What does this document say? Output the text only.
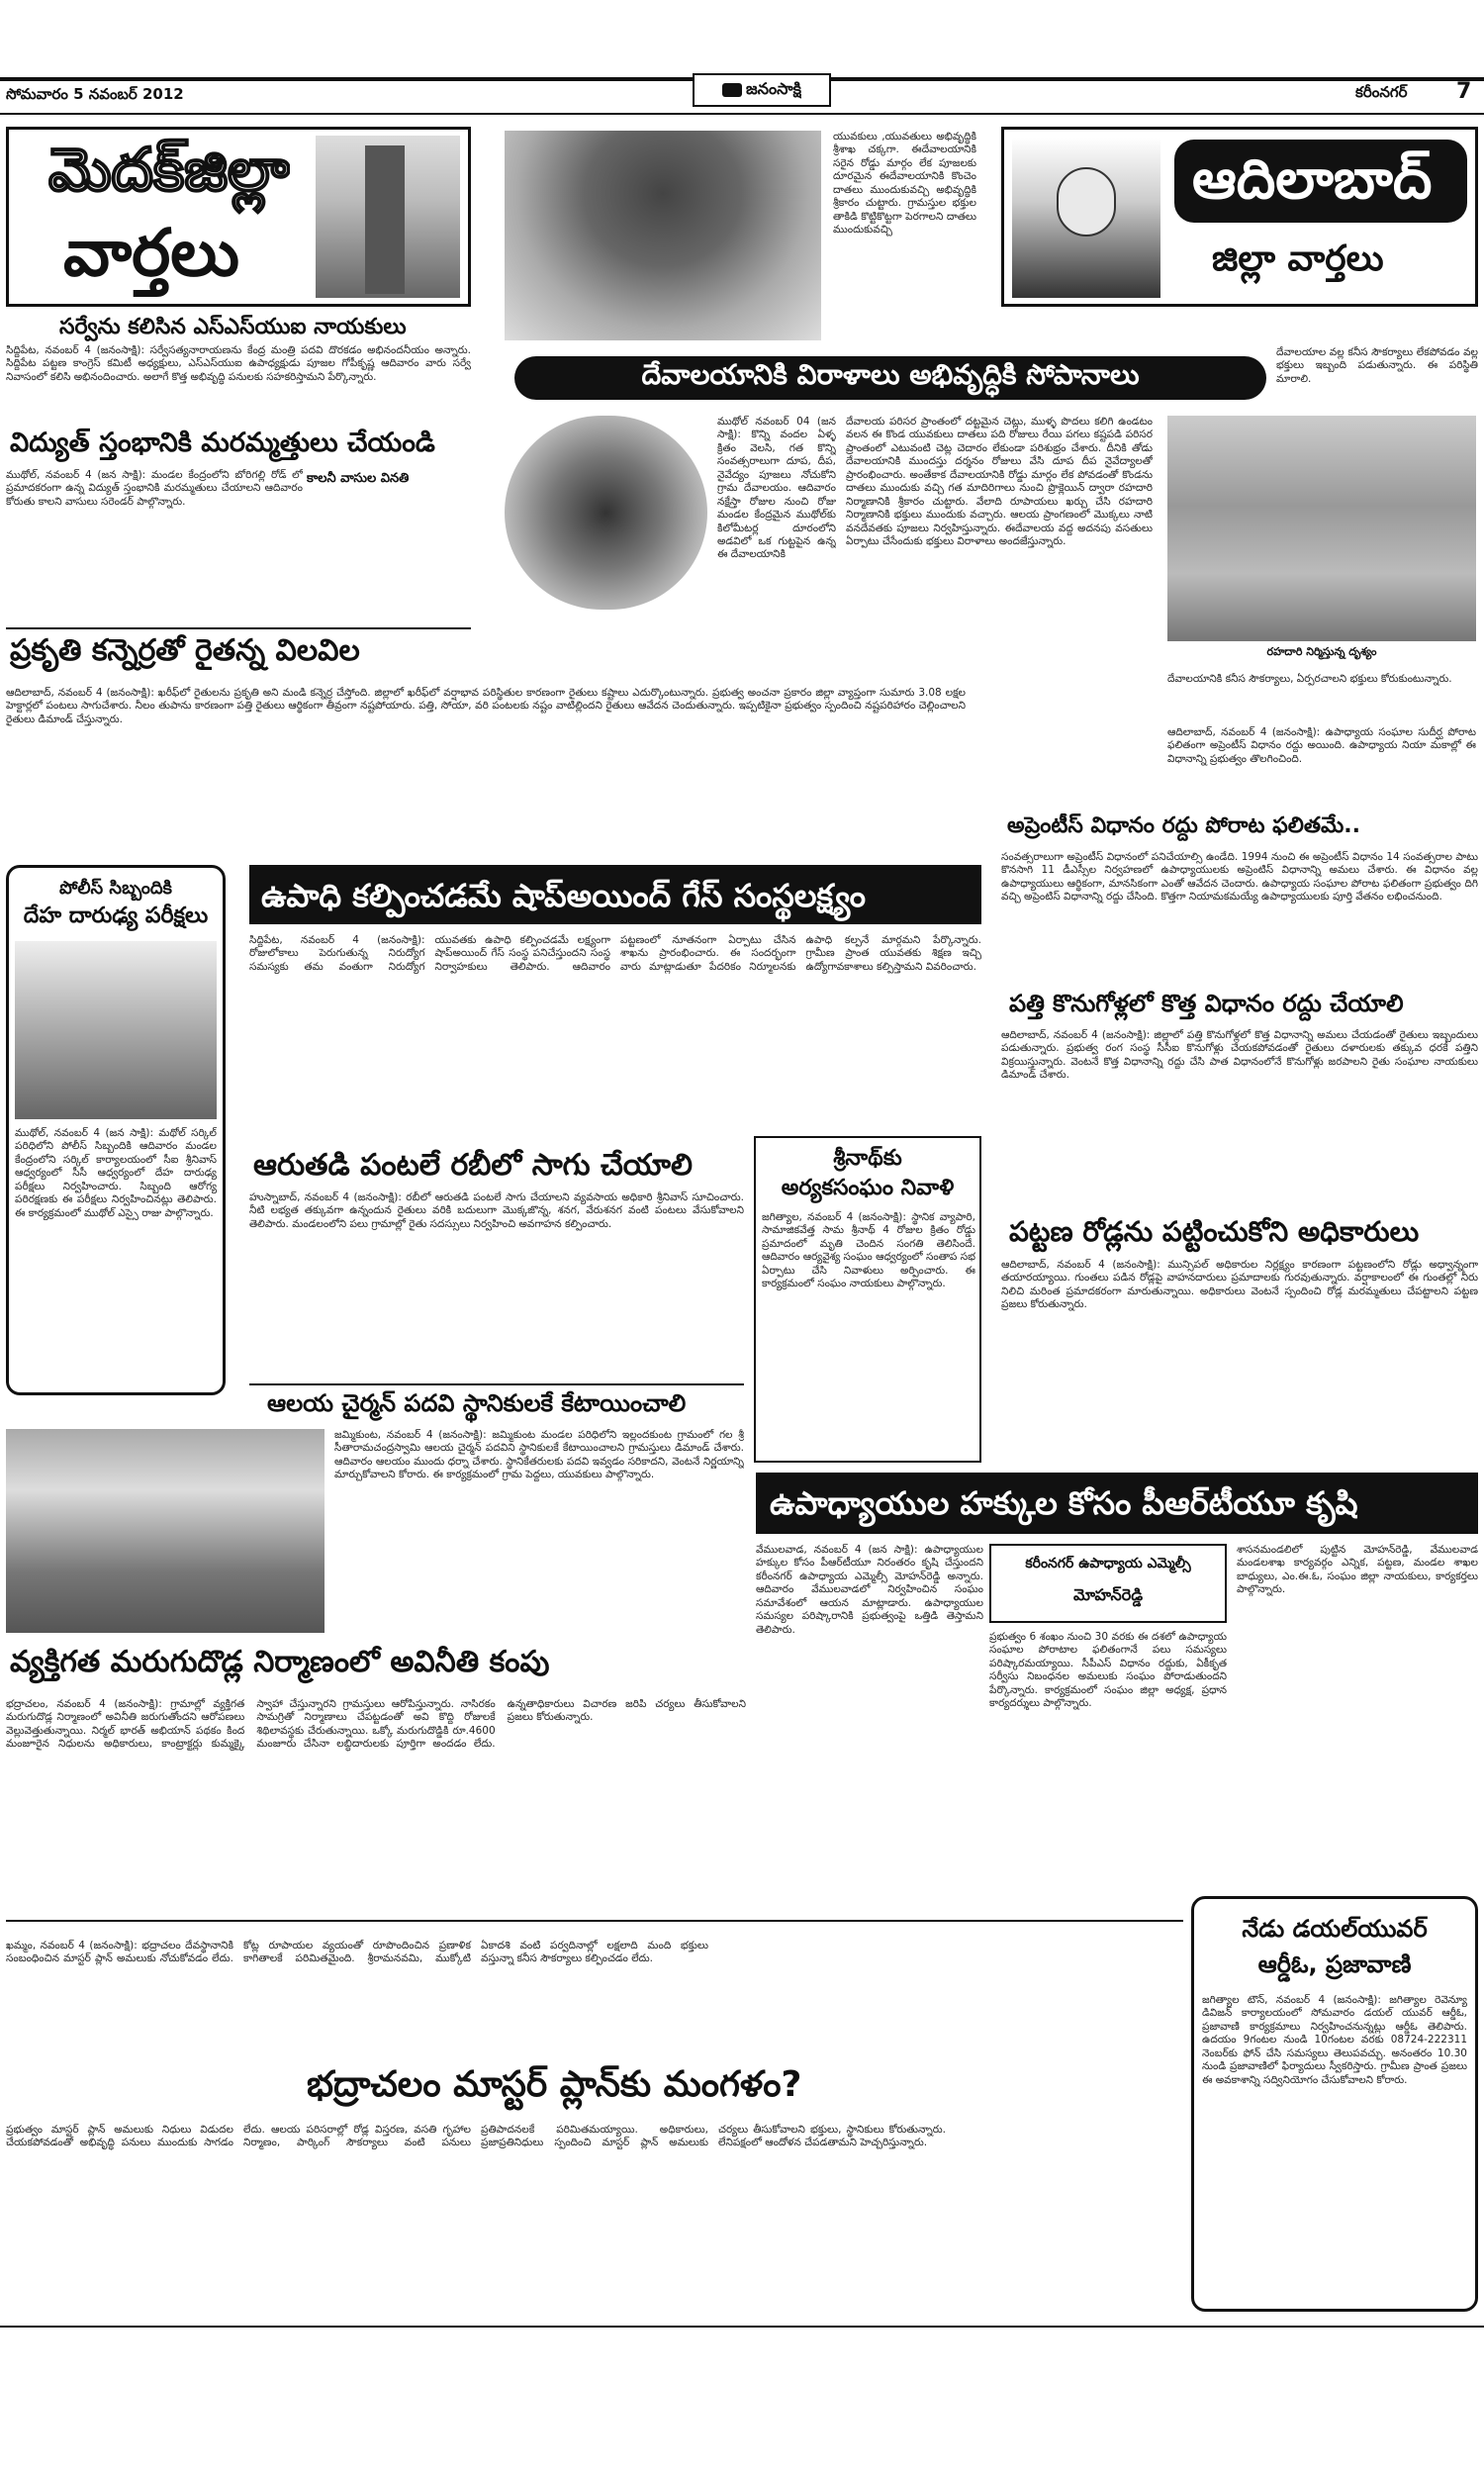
సోమవారం 5 నవంబర్ 2012	జనంసాక్షి	కరీంనగర్ 7
మెదక్‌జిల్లా
వార్తలు
సర్వేను కలిసిన ఎస్‌ఎస్‌యుఐ నాయకులు
సిద్దిపేట, నవంబర్ 4 (జనంసాక్షి): సర్వేసత్యనారాయణను కేంద్ర మంత్రి పదవి దొరకడం అభినందనీయం అన్నారు. సిద్దిపేట పట్టణ కాంగ్రెస్ కమిటీ అధ్యక్షులు, ఎస్‌ఎస్‌యుఐ ఉపాధ్యక్షుడు పూజల గోపీకృష్ణ ఆదివారం వారు సర్వే నివాసంలో కలిసి అభినందించారు. అలాగే కొత్త అభివృద్ధి పనులకు సహకరిస్తామని పేర్కొన్నారు.
విద్యుత్ స్తంభానికి మరమ్మత్తులు చేయండి
కాలనీ వాసుల వినతి
ముథోల్, నవంబర్ 4 (జన సాక్షి): మండల కేంద్రంలోని బోరిగల్లి రోడ్ లో ప్రమాదకరంగా ఉన్న విద్యుత్ స్తంభానికి మరమ్మతులు చేయాలని ఆదివారం కోరుతు కాలని వాసులు సరెండర్ పాల్గొన్నారు.
ప్రకృతి కన్నెర్రతో రైతన్న విలవిల
ఆదిలాబాద్, నవంబర్ 4 (జనంసాక్షి): ఖరీఫ్‌లో రైతులను ప్రకృతి అని మండి కన్నెర్ర చేస్తోంది. జిల్లాలో ఖరీఫ్‌లో వర్షాభావ పరిస్థితుల కారణంగా రైతులు కష్టాలు ఎదుర్కొంటున్నారు. ప్రభుత్వ అంచనా ప్రకారం జిల్లా వ్యాప్తంగా సుమారు 3.08 లక్షల హెక్టార్లలో పంటలు సాగుచేశారు. నీలం తుపాను కారణంగా పత్తి రైతులు ఆర్థికంగా తీవ్రంగా నష్టపోయారు. పత్తి, సోయా, వరి పంటలకు నష్టం వాటిల్లిందని రైతులు ఆవేదన చెందుతున్నారు. ఇప్పటికైనా ప్రభుత్వం స్పందించి నష్టపరిహారం చెల్లించాలని రైతులు డిమాండ్ చేస్తున్నారు.
యువకులు ,యువతులు అభివృద్ధికి శ్రీశాఖ చక్కగా. ఈదేవాలయానికి సరైన రోడ్డు మార్గం లేక పూజలకు దూరమైన ఈదేవాలయానికి కొంచెం దాతలు ముందుకువచ్చి అభివృద్ధికి శ్రీకారం చుట్టారు. గ్రామస్తుల భక్తుల తాకిడి కొట్టికొట్టగా పెరగాలని దాతలు ముందుకువచ్చి
ఆదిలాబాద్
జిల్లా వార్తలు
దేవాలయానికి విరాళాలు అభివృద్ధికి సోపానాలు
దేవాలయాల వల్ల కనీస సౌకర్యాలు లేకపోవడం వల్ల భక్తులు ఇబ్బంది పడుతున్నారు. ఈ పరిస్థితి మారాలి.
ముథోల్ నవంబర్ 04 (జన సాక్షి): కొన్ని వందల ఏళ్ళ క్రితం వెలసి, గత కొన్ని సంవత్సరాలుగా దూప, దీప, నైవేద్యం పూజలు నోచుకోని గ్రామ దేవాలయం. ఆదివారం నక్షేస్తా రోజుల నుంచి రోజు మండల కేంద్రమైన ముథోల్‌కు కిలోమీటర్ల దూరంలోని అడవిలో ఒక గుట్టపైన ఉన్న ఈ దేవాలయానికి
దేవాలయ పరిసర ప్రాంతంలో దట్టమైన చెట్లు, ముళ్ళ పొదలు కలిగి ఉండటం వలన ఈ కొండ యువకులు దాతలు పది రోజులు రేయి పగలు కష్టపడి పరిసర ప్రాంతంలో ఎటువంటి చెట్ల చెదారం లేకుండా పరిశుభ్రం చేశారు. దీనికి తోడు దేవాలయానికి ముందస్తు దర్శనం రోజులు వేసి దూప దీప నైవేద్యాలతో ప్రారంభించారు. అంతేకాక దేవాలయానికి రోడ్డు మార్గం లేక పోవడంతో కొండను దాతలు ముందుకు వచ్చి గత మాదిరిగాలు నుంచి ప్రొక్లెయిన్ ద్వారా రహదారి నిర్మాణానికి శ్రీకారం చుట్టారు. వేలాది రూపాయలు ఖర్చు చేసి రహదారి నిర్మాణానికి భక్తులు ముందుకు వచ్చారు. ఆలయ ప్రాంగణంలో మొక్కలు నాటి వనదేవతకు పూజలు నిర్వహిస్తున్నారు. ఈదేవాలయ వద్ద అదనపు వసతులు ఏర్పాటు చేసేందుకు భక్తులు విరాళాలు అందజేస్తున్నారు.
రహదారి నిర్మిస్తున్న దృశ్యం
దేవాలయానికి కనీస సౌకర్యాలు, ఏర్పరచాలని భక్తులు కోరుకుంటున్నారు.
ఆదిలాబాద్, నవంబర్ 4 (జనంసాక్షి): ఉపాధ్యాయ సంఘాల సుదీర్ఘ పోరాట ఫలితంగా అప్రెంటీస్ విధానం రద్దు అయింది. ఉపాధ్యాయ నియా మకాల్లో ఈ విధానాన్ని ప్రభుత్వం తొలగించింది.
అప్రెంటీస్ విధానం రద్దు పోరాట ఫలితమే..
సంవత్సరాలుగా అప్రెంటీస్ విధానంలో పనిచేయాల్సి ఉండేది. 1994 నుంచి ఈ అప్రెంటీస్ విధానం 14 సంవత్సరాల పాటు కొనసాగి 11 డీఎస్సీల నిర్వహణలో ఉపాధ్యాయులకు అప్రెంటిస్ విధానాన్ని అమలు చేశారు. ఈ విధానం వల్ల ఉపాధ్యాయులు ఆర్థికంగా, మానసికంగా ఎంతో ఆవేదన చెందారు. ఉపాధ్యాయ సంఘాల పోరాట ఫలితంగా ప్రభుత్వం దిగి వచ్చి అప్రెంటిస్ విధానాన్ని రద్దు చేసింది. కొత్తగా నియామకమయ్యే ఉపాధ్యాయులకు పూర్తి వేతనం లభించనుంది.
పత్తి కొనుగోళ్లలో కొత్త విధానం రద్దు చేయాలి
ఆదిలాబాద్, నవంబర్ 4 (జనంసాక్షి): జిల్లాలో పత్తి కొనుగోళ్లలో కొత్త విధానాన్ని అమలు చేయడంతో రైతులు ఇబ్బందులు పడుతున్నారు. ప్రభుత్వ రంగ సంస్థ సీసీఐ కొనుగోళ్లు చేయకపోవడంతో రైతులు దళారులకు తక్కువ ధరకే పత్తిని విక్రయిస్తున్నారు. వెంటనే కొత్త విధానాన్ని రద్దు చేసి పాత విధానంలోనే కొనుగోళ్లు జరపాలని రైతు సంఘాల నాయకులు డిమాండ్ చేశారు.
పట్టణ రోడ్లను పట్టించుకోని అధికారులు
ఆదిలాబాద్, నవంబర్ 4 (జనంసాక్షి): మున్సిపల్ అధికారుల నిర్లక్ష్యం కారణంగా పట్టణంలోని రోడ్లు అధ్వాన్నంగా తయారయ్యాయి. గుంతలు పడిన రోడ్లపై వాహనదారులు ప్రమాదాలకు గురవుతున్నారు. వర్షాకాలంలో ఈ గుంతల్లో నీరు నిలిచి మరింత ప్రమాదకరంగా మారుతున్నాయి. అధికారులు వెంటనే స్పందించి రోడ్ల మరమ్మతులు చేపట్టాలని పట్టణ ప్రజలు కోరుతున్నారు.
పోలీస్ సిబ్బందికి
దేహ దారుఢ్య పరీక్షలు
ముథోల్, నవంబర్ 4 (జన సాక్షి): మథోల్ సర్కిల్ పరిధిలోని పోలీస్ సిబ్బందికి ఆదివారం మండల కేంద్రంలోని సర్కిల్ కార్యాలయంలో సీఐ శ్రీనివాస్ ఆధ్వర్యంలో సీసీ ఆధ్వర్యంలో దేహ దారుఢ్య పరీక్షలు నిర్వహించారు. సిబ్బంది ఆరోగ్య పరిరక్షణకు ఈ పరీక్షలు నిర్వహించినట్లు తెలిపారు. ఈ కార్యక్రమంలో ముథోల్ ఎస్సై రాజు పాల్గొన్నారు.
ఉపాధి కల్పించడమే షాప్‌అయింద్ గేస్ సంస్థలక్ష్యం
సిద్దిపేట, నవంబర్ 4 (జనంసాక్షి): రోజులోకాలు పెరుగుతున్న నిరుద్యోగ సమస్యకు తమ వంతుగా నిరుద్యోగ యువతకు ఉపాధి కల్పించడమే లక్ష్యంగా షాప్‌అయింద్ గేస్ సంస్థ పనిచేస్తుందని సంస్థ నిర్వాహకులు తెలిపారు. ఆదివారం పట్టణంలో నూతనంగా ఏర్పాటు చేసిన శాఖను ప్రారంభించారు. ఈ సందర్భంగా వారు మాట్లాడుతూ పేదరికం నిర్మూలనకు ఉపాధి కల్పనే మార్గమని పేర్కొన్నారు. గ్రామీణ ప్రాంత యువతకు శిక్షణ ఇచ్చి ఉద్యోగావకాశాలు కల్పిస్తామని వివరించారు.
శ్రీనాథ్‌కు
అర్యకసంఘం నివాళి
జగిత్యాల, నవంబర్ 4 (జనంసాక్షి): స్థానిక వ్యాపారి, సామాజికవేత్త సామ శ్రీనాథ్ 4 రోజుల క్రితం రోడ్డు ప్రమాదంలో మృతి చెందిన సంగతి తెలిసిందే. ఆదివారం ఆర్యవైశ్య సంఘం ఆధ్వర్యంలో సంతాప సభ ఏర్పాటు చేసి నివాళులు అర్పించారు. ఈ కార్యక్రమంలో సంఘం నాయకులు పాల్గొన్నారు.
ఆరుతడి పంటలే రబీలో సాగు చేయాలి
హుస్నాబాద్, నవంబర్ 4 (జనంసాక్షి): రబీలో ఆరుతడి పంటలే సాగు చేయాలని వ్యవసాయ అధికారి శ్రీనివాస్ సూచించారు. నీటి లభ్యత తక్కువగా ఉన్నందున రైతులు వరికి బదులుగా మొక్కజొన్న, శనగ, వేరుశనగ వంటి పంటలు వేసుకోవాలని తెలిపారు. మండలంలోని పలు గ్రామాల్లో రైతు సదస్సులు నిర్వహించి అవగాహన కల్పించారు.
ఆలయ చైర్మన్ పదవి స్థానికులకే కేటాయించాలి
జమ్మికుంట, నవంబర్ 4 (జనంసాక్షి): జమ్మికుంట మండల పరిధిలోని ఇల్లందకుంట గ్రామంలో గల శ్రీ సీతారామచంద్రస్వామి ఆలయ చైర్మన్ పదవిని స్థానికులకే కేటాయించాలని గ్రామస్తులు డిమాండ్ చేశారు. ఆదివారం ఆలయం ముందు ధర్నా చేశారు. స్థానికేతరులకు పదవి ఇవ్వడం సరికాదని, వెంటనే నిర్ణయాన్ని మార్చుకోవాలని కోరారు. ఈ కార్యక్రమంలో గ్రామ పెద్దలు, యువకులు పాల్గొన్నారు.
ఉపాధ్యాయుల హక్కుల కోసం పీఆర్‌టీయూ కృషి
వేములవాడ, నవంబర్ 4 (జన సాక్షి): ఉపాధ్యాయుల హక్కుల కోసం పీఆర్‌టీయూ నిరంతరం కృషి చేస్తుందని కరీంనగర్ ఉపాధ్యాయ ఎమ్మెల్సీ మోహన్‌రెడ్డి అన్నారు. ఆదివారం వేములవాడలో నిర్వహించిన సంఘం సమావేశంలో ఆయన మాట్లాడారు. ఉపాధ్యాయుల సమస్యల పరిష్కారానికి ప్రభుత్వంపై ఒత్తిడి తెస్తామని తెలిపారు.
కరీంనగర్ ఉపాధ్యాయ ఎమ్మెల్సీ
మోహన్‌రెడ్డి
ప్రభుత్వం 6 శంఖం నుంచి 30 వరకు ఈ దశలో ఉపాధ్యాయ సంఘాల పోరాటాల ఫలితంగానే పలు సమస్యలు పరిష్కారమయ్యాయి. సీపీఎస్ విధానం రద్దుకు, ఏకీకృత సర్వీసు నిబంధనల అమలుకు సంఘం పోరాడుతుందని పేర్కొన్నారు. కార్యక్రమంలో సంఘం జిల్లా అధ్యక్ష, ప్రధాన కార్యదర్శులు పాల్గొన్నారు.
శాసనమండలిలో పుట్టిన మోహన్‌రెడ్డి, వేములవాడ మండలశాఖ కార్యవర్గం ఎన్నిక, పట్టణ, మండల శాఖల బాధ్యులు, ఎం.ఈ.ఓ, సంఘం జిల్లా నాయకులు, కార్యకర్తలు పాల్గొన్నారు.
వ్యక్తిగత మరుగుదొడ్ల నిర్మాణంలో అవినీతి కంపు
భద్రాచలం, నవంబర్ 4 (జనంసాక్షి): గ్రామాల్లో వ్యక్తిగత మరుగుదొడ్ల నిర్మాణంలో అవినీతి జరుగుతోందని ఆరోపణలు వెల్లువెత్తుతున్నాయి. నిర్మల్ భారత్ అభియాన్ పథకం కింద మంజూరైన నిధులను అధికారులు, కాంట్రాక్టర్లు కుమ్మక్కై స్వాహా చేస్తున్నారని గ్రామస్తులు ఆరోపిస్తున్నారు. నాసిరకం సామగ్రితో నిర్మాణాలు చేపట్టడంతో అవి కొద్ది రోజులకే శిథిలావస్థకు చేరుతున్నాయి. ఒక్కో మరుగుదొడ్డికి రూ.4600 మంజూరు చేసినా లబ్ధిదారులకు పూర్తిగా అందడం లేదు. ఉన్నతాధికారులు విచారణ జరిపి చర్యలు తీసుకోవాలని ప్రజలు కోరుతున్నారు.
నేడు డయల్‌యువర్
ఆర్డీఓ, ప్రజావాణి
జగిత్యాల టౌన్, నవంబర్ 4 (జనంసాక్షి): జగిత్యాల రెవెన్యూ డివిజన్ కార్యాలయంలో సోమవారం డయల్ యువర్ ఆర్డీఓ, ప్రజావాణి కార్యక్రమాలు నిర్వహించనున్నట్లు ఆర్డీఓ తెలిపారు. ఉదయం 9గంటల నుండి 10గంటల వరకు 08724-222311 నెంబర్‌కు ఫోన్ చేసి సమస్యలు తెలుపవచ్చు. అనంతరం 10.30 నుండి ప్రజావాణిలో ఫిర్యాదులు స్వీకరిస్తారు. గ్రామీణ ప్రాంత ప్రజలు ఈ అవకాశాన్ని సద్వినియోగం చేసుకోవాలని కోరారు.
ఖమ్మం, నవంబర్ 4 (జనంసాక్షి): భద్రాచలం దేవస్థానానికి సంబంధించిన మాస్టర్ ప్లాన్ అమలుకు నోచుకోవడం లేదు. కోట్ల రూపాయల వ్యయంతో రూపొందించిన ప్రణాళిక కాగితాలకే పరిమితమైంది. శ్రీరామనవమి, ముక్కోటి ఏకాదశి వంటి పర్వదినాల్లో లక్షలాది మంది భక్తులు వస్తున్నా కనీస సౌకర్యాలు కల్పించడం లేదు.
భద్రాచలం మాస్టర్ ప్లాన్‌కు మంగళం?
ప్రభుత్వం మాస్టర్ ప్లాన్ అమలుకు నిధులు విడుదల చేయకపోవడంతో అభివృద్ధి పనులు ముందుకు సాగడం లేదు. ఆలయ పరిసరాల్లో రోడ్ల విస్తరణ, వసతి గృహాల నిర్మాణం, పార్కింగ్ సౌకర్యాలు వంటి పనులు ప్రతిపాదనలకే పరిమితమయ్యాయి. అధికారులు, ప్రజాప్రతినిధులు స్పందించి మాస్టర్ ప్లాన్ అమలుకు చర్యలు తీసుకోవాలని భక్తులు, స్థానికులు కోరుతున్నారు. లేనిపక్షంలో ఆందోళన చేపడతామని హెచ్చరిస్తున్నారు.
